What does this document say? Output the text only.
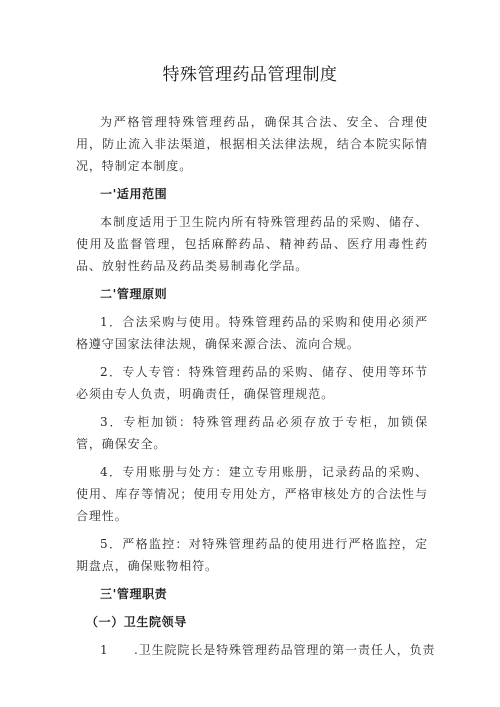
特殊管理药品管理制度

为严格管理特殊管理药品，确保其合法、安全、合理使用，防止流入非法渠道，根据相关法律法规，结合本院实际情况，特制定本制度。

一'适用范围

本制度适用于卫生院内所有特殊管理药品的采购、储存、使用及监督管理，包括麻醉药品、精神药品、医疗用毒性药品、放射性药品及药品类易制毒化学品。

二'管理原则

1．合法采购与使用。特殊管理药品的采购和使用必须严格遵守国家法律法规，确保来源合法、流向合规。

2．专人专管：特殊管理药品的采购、储存、使用等环节必须由专人负责，明确责任，确保管理规范。

3．专柜加锁：特殊管理药品必须存放于专柜，加锁保管，确保安全。

4．专用账册与处方：建立专用账册，记录药品的采购、使用、库存等情况；使用专用处方，严格审核处方的合法性与合理性。

5．严格监控：对特殊管理药品的使用进行严格监控，定期盘点，确保账物相符。

三'管理职责

（一）卫生院领导

1 .卫生院院长是特殊管理药品管理的第一责任人，负责
